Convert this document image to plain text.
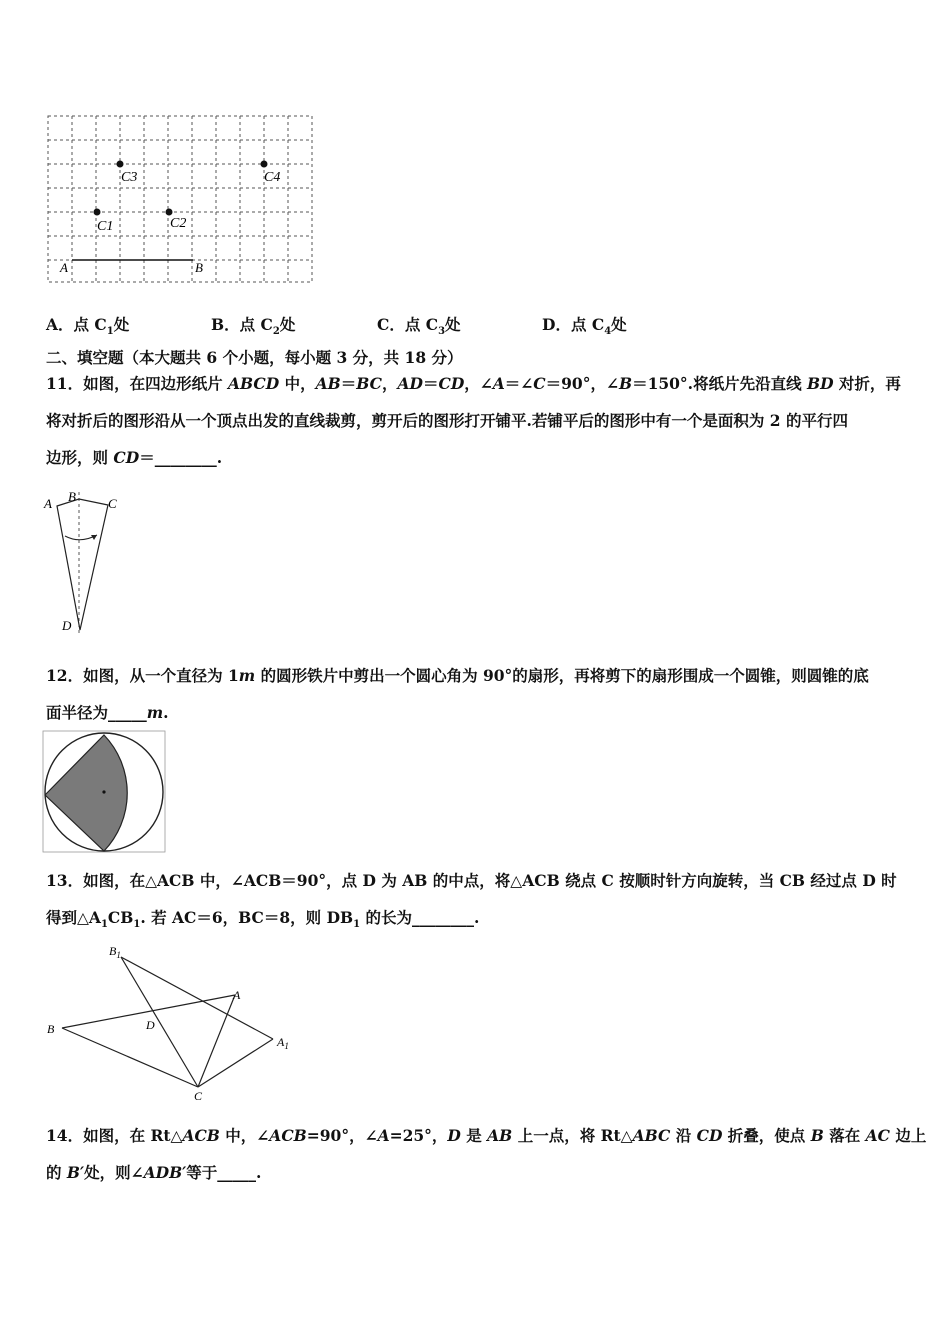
C3	C4
C1	C2
A	B
A．点 $C_1$处	B．点 $C_2$处	C．点 $C_3$处	D．点 $C_4$处
二、填空题（本大题共 6 个小题，每小题 3 分，共 18 分）
11．如图，在四边形纸片 ABCD 中，AB＝BC，AD＝CD，∠A＝∠C＝90°，∠B＝150°.将纸片先沿直线 BD 对折，再
将对折后的图形沿从一个顶点出发的直线裁剪，剪开后的图形打开铺平.若铺平后的图形中有一个是面积为 2 的平行四
边形，则 CD＝________.
A B C
D
12．如图，从一个直径为 1m 的圆形铁片中剪出一个圆心角为 90°的扇形，再将剪下的扇形围成一个圆锥，则圆锥的底
面半径为_____m.
13．如图，在△ACB 中，∠ACB＝90°，点 D 为 AB 的中点，将△ACB 绕点 C 按顺时针方向旋转，当 CB 经过点 D 时
得到$\triangle A_1CB_1$. 若 AC＝6，BC＝8，则 $DB_1$ 的长为________.
$B_1$
A
B	D
$A_1$
C
14．如图，在 Rt△ACB 中，∠ACB=90°，∠A=25°，D 是 AB 上一点，将 Rt△ABC 沿 CD 折叠，使点 B 落在 AC 边上
的 B′处，则∠ADB′等于_____.
